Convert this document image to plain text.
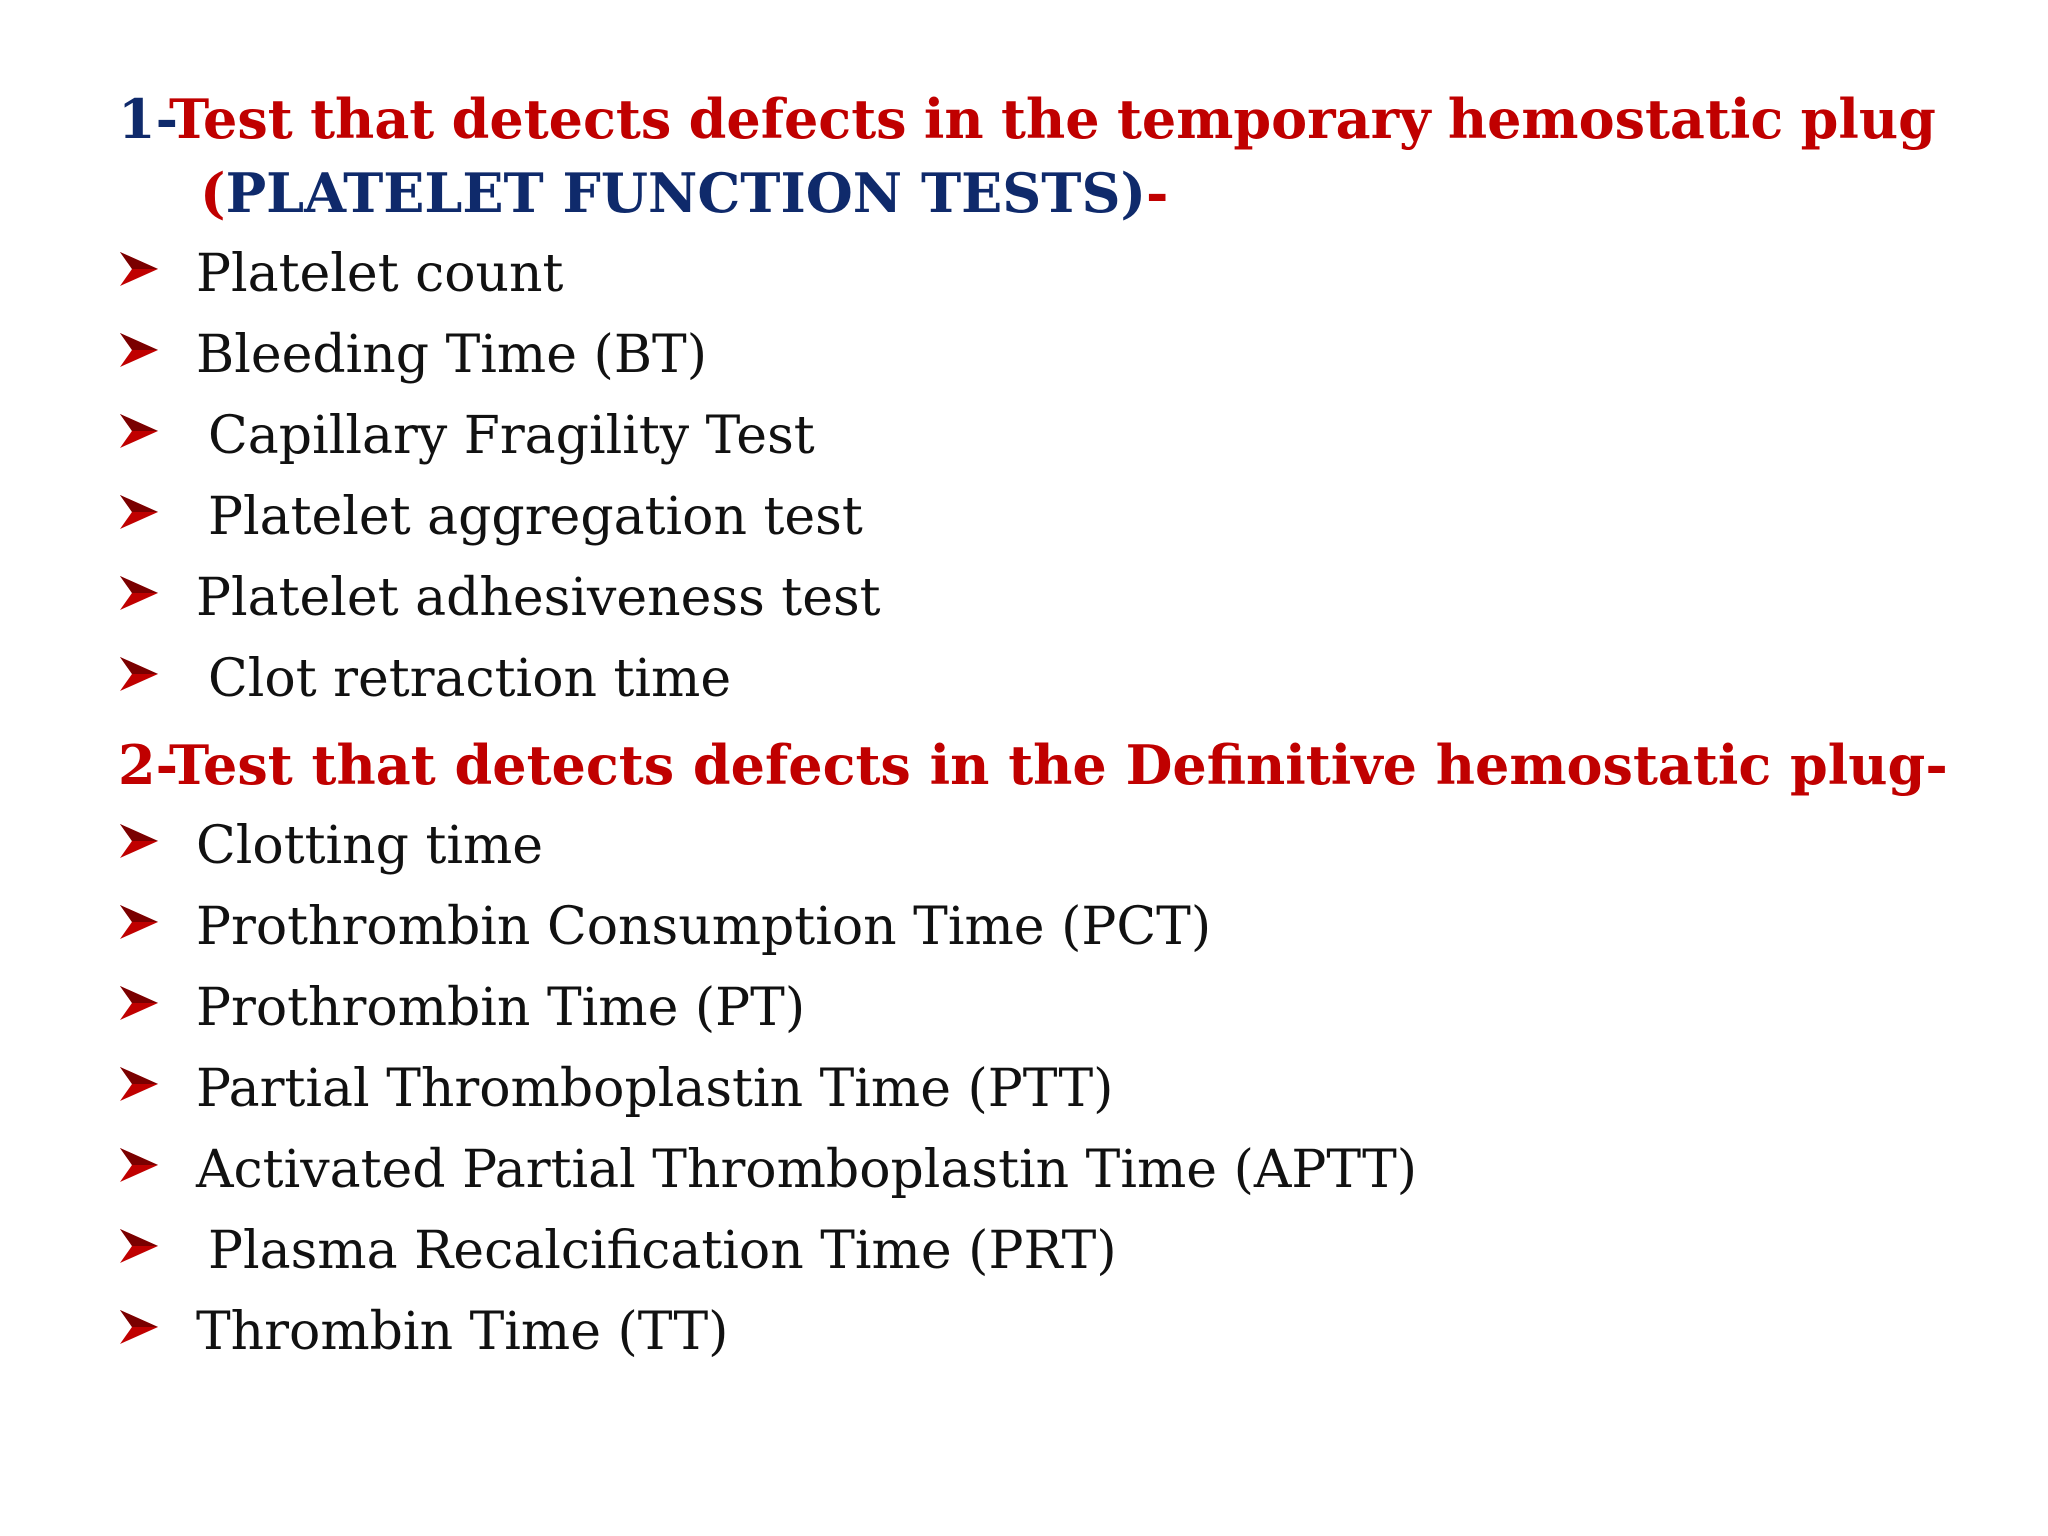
1-Test that detects defects in the temporary hemostatic plug
(PLATELET FUNCTION TESTS)-
Platelet count
Bleeding Time (BT)
Capillary Fragility Test
Platelet aggregation test
Platelet adhesiveness test
Clot retraction time
2-Test that detects defects in the Definitive hemostatic plug-
Clotting time
Prothrombin Consumption Time (PCT)
Prothrombin Time (PT)
Partial Thromboplastin Time (PTT)
Activated Partial Thromboplastin Time (APTT)
Plasma Recalcification Time (PRT)
Thrombin Time (TT)
